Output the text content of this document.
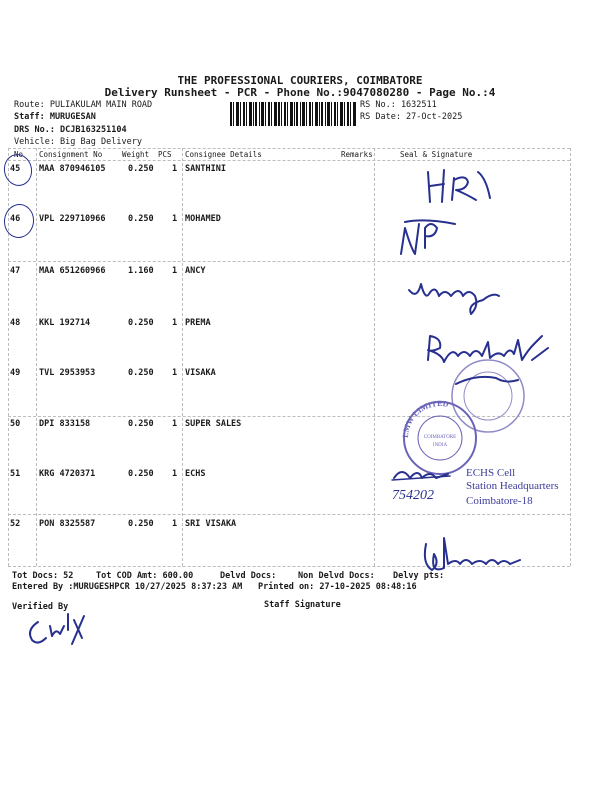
THE PROFESSIONAL COURIERS, COIMBATORE
Delivery Runsheet - PCR - Phone No.:9047080280 - Page No.:4
Route: PULIAKULAM MAIN ROAD
Staff: MURUGESAN
DRS No.: DCJB163251104
Vehicle: Big Bag Delivery
RS No.: 1632511
RS Date: 27-Oct-2025
No Consignment No	Weight PCS Consignee Details	Remarks	Seal & Signature
45 MAA 870946105	0.250 1 SANTHINI
46 VPL 229710966	0.250 1 MOHAMED
47 MAA 651260966	1.160 1 ANCY
48 KKL 192714	0.250 1 PREMA
49 TVL 2953953	0.250 1 VISAKA
50 DPI 833158	0.250 1 SUPER SALES
51 KRG 4720371	0.250 1 ECHS
52 PON 8325587	0.250 1 SRI VISAKA
LMW LIMITED
COIMBATORE
INDIA
754202
ECHS Cell
Station Headquarters
Coimbatore-18
Tot Docs: 52	Tot COD Amt: 600.00	Delvd Docs:	Non Delvd Docs: Delvy pts:
Entered By :MURUGESHPCR 10/27/2025 8:37:23 AM Printed on: 27-10-2025 08:48:16
Verified By	Staff Signature
